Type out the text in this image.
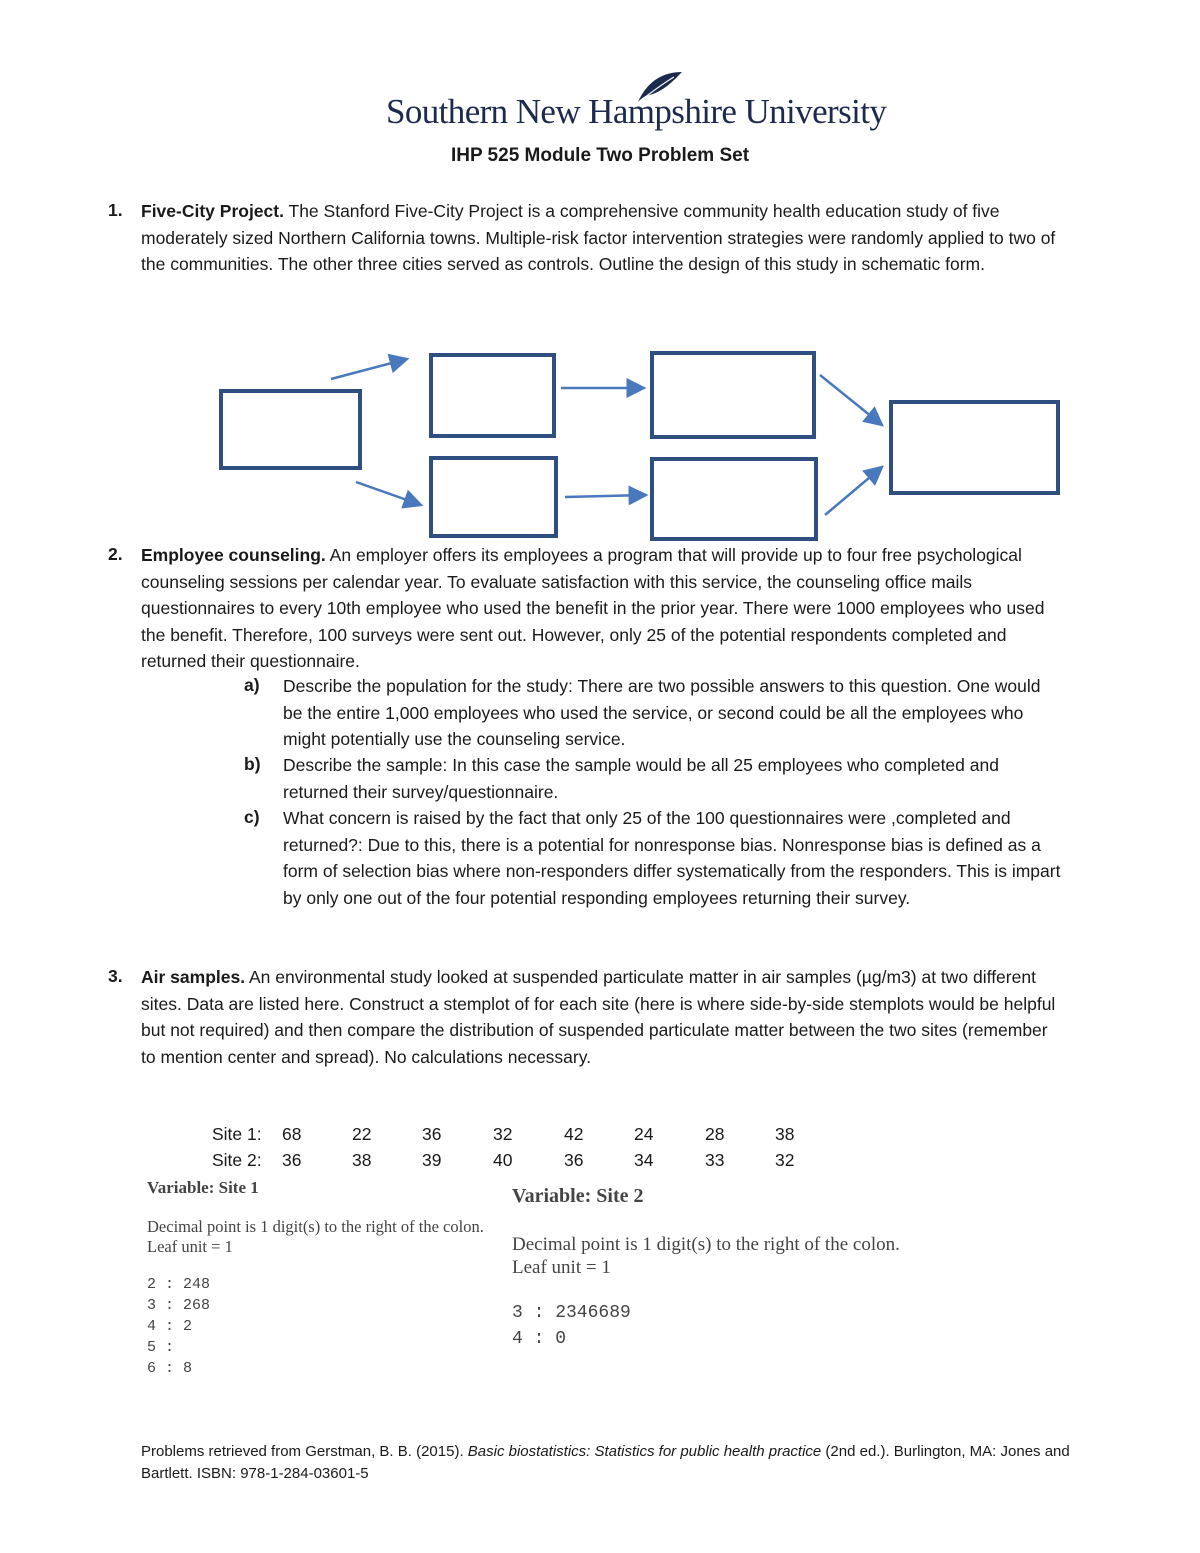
Southern New Hampshire University
IHP 525 Module Two Problem Set
1. Five-City Project. The Stanford Five-City Project is a comprehensive community health education study of five moderately sized Northern California towns. Multiple-risk factor intervention strategies were randomly applied to two of the communities. The other three cities served as controls. Outline the design of this study in schematic form.

2. Employee counseling. An employer offers its employees a program that will provide up to four free psychological counseling sessions per calendar year. To evaluate satisfaction with this service, the counseling office mails questionnaires to every 10th employee who used the benefit in the prior year. There were 1000 employees who used the benefit. Therefore, 100 surveys were sent out. However, only 25 of the potential respondents completed and returned their questionnaire.

a) Describe the population for the study: There are two possible answers to this question. One would be the entire 1,000 employees who used the service, or second could be all the employees who might potentially use the counseling service.

b) Describe the sample: In this case the sample would be all 25 employees who completed and returned their survey/questionnaire.

c) What concern is raised by the fact that only 25 of the 100 questionnaires were ,completed and returned?: Due to this, there is a potential for nonresponse bias. Nonresponse bias is defined as a form of selection bias where non-responders differ systematically from the responders. This is impart by only one out of the four potential responding employees returning their survey.

3. Air samples. An environmental study looked at suspended particulate matter in air samples (µg/m3) at two different sites. Data are listed here. Construct a stemplot of for each site (here is where side-by-side stemplots would be helpful but not required) and then compare the distribution of suspended particulate matter between the two sites (remember to mention center and spread). No calculations necessary.

Site 1: 68	22	36	32	42	24	28	38
Site 2: 36	38	39	40	36	34	33	32
Variable: Site 1
Decimal point is 1 digit(s) to the right of the colon.
Leaf unit = 1
2 : 248
3 : 268
4 : 2
5 :
6 : 8
Variable: Site 2
Decimal point is 1 digit(s) to the right of the colon.
Leaf unit = 1
3 : 2346689
4 : 0

Problems retrieved from Gerstman, B. B. (2015). Basic biostatistics: Statistics for public health practice (2nd ed.). Burlington, MA: Jones and Bartlett. ISBN: 978-1-284-03601-5
